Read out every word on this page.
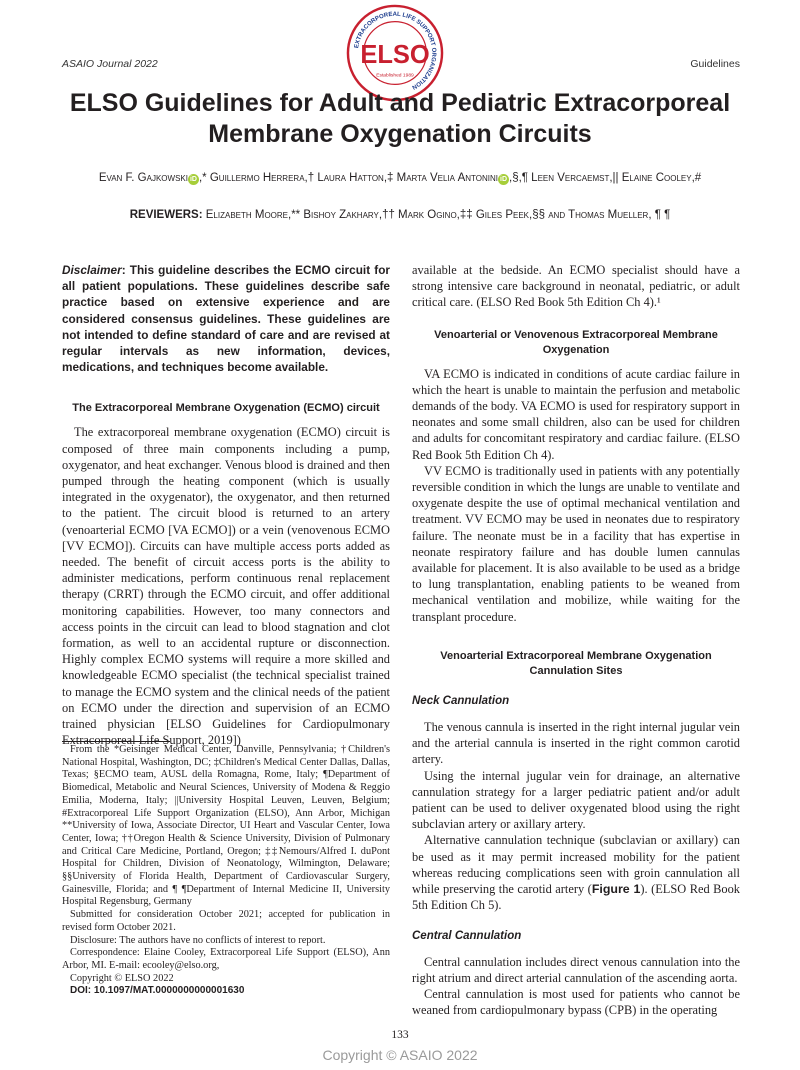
ASAIO Journal 2022	Guidelines
EXTRACORPOREAL LIFE SUPPORT ORGANIZATION
ELSO
Established 1989
ELSO Guidelines for Adult and Pediatric Extracorporeal Membrane Oxygenation Circuits
Evan F. Gajkowski iD ,* Guillermo Herrera,† Laura Hatton,‡ Marta Velia Antonini iD ,§,¶ Leen Vercaemst,|| Elaine Cooley,#
REVIEWERS: Elizabeth Moore,** Bishoy Zakhary,†† Mark Ogino,‡‡ Giles Peek,§§ and Thomas Mueller, ¶ ¶

Disclaimer: This guideline describes the ECMO circuit for all patient populations. These guidelines describe safe practice based on extensive experience and are considered consensus guidelines. These guidelines are not intended to define standard of care and are revised at regular intervals as new information, devices, medications, and techniques become available.

The Extracorporeal Membrane Oxygenation (ECMO) circuit

The extracorporeal membrane oxygenation (ECMO) circuit is composed of three main components including a pump, oxygenator, and heat exchanger. Venous blood is drained and then pumped through the heating component (which is usually integrated in the oxygenator), the oxygenator, and then returned to the patient. The circuit blood is returned to an artery (venoarterial ECMO [VA ECMO]) or a vein (venovenous ECMO [VV ECMO]). Circuits can have multiple access ports added as needed. The benefit of circuit access ports is the ability to administer medications, perform continuous renal replacement therapy (CRRT) through the ECMO circuit, and offer additional monitoring capabilities. However, too many connectors and access points in the circuit can lead to blood stagnation and clot formation, as well to an accidental rupture or disconnection. Highly complex ECMO systems will require a more skilled and knowledgeable ECMO specialist (the technical specialist trained to manage the ECMO system and the clinical needs of the patient on ECMO under the direction and supervision of an ECMO trained physician [ELSO Guidelines for Cardiopulmonary Extracorporeal Life Support, 2019])

From the *Geisinger Medical Center, Danville, Pennsylvania; †Children's National Hospital, Washington, DC; ‡Children's Medical Center Dallas, Dallas, Texas; §ECMO team, AUSL della Romagna, Rome, Italy; ¶Department of Biomedical, Metabolic and Neural Sciences, University of Modena & Reggio Emilia, Moderna, Italy; ||University Hospital Leuven, Leuven, Belgium; #Extracorporeal Life Support Organization (ELSO), Ann Arbor, Michigan **University of Iowa, Associate Director, UI Heart and Vascular Center, Iowa Center, Iowa; ††Oregon Health & Science University, Division of Pulmonary and Critical Care Medicine, Portland, Oregon; ‡‡Nemours/Alfred I. duPont Hospital for Children, Division of Neonatology, Wilmington, Delaware; §§University of Florida Health, Department of Cardiovascular Surgery, Gainesville, Florida; and ¶ ¶Department of Internal Medicine II, University Hospital Regensburg, Germany

Submitted for consideration October 2021; accepted for publication in revised form October 2021.

Disclosure: The authors have no conflicts of interest to report.

Correspondence: Elaine Cooley, Extracorporeal Life Support (ELSO), Ann Arbor, MI. E-mail: ecooley@elso.org,

Copyright © ELSO 2022

DOI: 10.1097/MAT.0000000000001630

available at the bedside. An ECMO specialist should have a strong intensive care background in neonatal, pediatric, or adult critical care. (ELSO Red Book 5th Edition Ch 4).¹

Venoarterial or Venovenous Extracorporeal Membrane Oxygenation

VA ECMO is indicated in conditions of acute cardiac failure in which the heart is unable to maintain the perfusion and metabolic demands of the body. VA ECMO is used for respiratory support in neonates and some small children, also can be used for children and adults for concomitant respiratory and cardiac failure. (ELSO Red Book 5th Edition Ch 4).

VV ECMO is traditionally used in patients with any potentially reversible condition in which the lungs are unable to ventilate and oxygenate despite the use of optimal mechanical ventilation and treatment. VV ECMO may be used in neonates due to respiratory failure. The neonate must be in a facility that has expertise in neonate respiratory failure and has double lumen cannulas available for placement. It is also available to be used as a bridge to lung transplantation, enabling patients to be weaned from mechanical ventilation and mobilize, while waiting for the transplant procedure.

Venoarterial Extracorporeal Membrane Oxygenation Cannulation Sites
Neck Cannulation

The venous cannula is inserted in the right internal jugular vein and the arterial cannula is inserted in the right common carotid artery.

Using the internal jugular vein for drainage, an alternative cannulation strategy for a larger pediatric patient and/or adult patient can be used to deliver oxygenated blood using the right subclavian artery or axillary artery.

Alternative cannulation technique (subclavian or axillary) can be used as it may permit increased mobility for the patient whereas reducing complications seen with groin cannulation all while preserving the carotid artery (Figure 1). (ELSO Red Book 5th Edition Ch 5).

Central Cannulation

Central cannulation includes direct venous cannulation into the right atrium and direct arterial cannulation of the ascending aorta.

Central cannulation is most used for patients who cannot be weaned from cardiopulmonary bypass (CPB) in the operating

133
Copyright © ASAIO 2022
